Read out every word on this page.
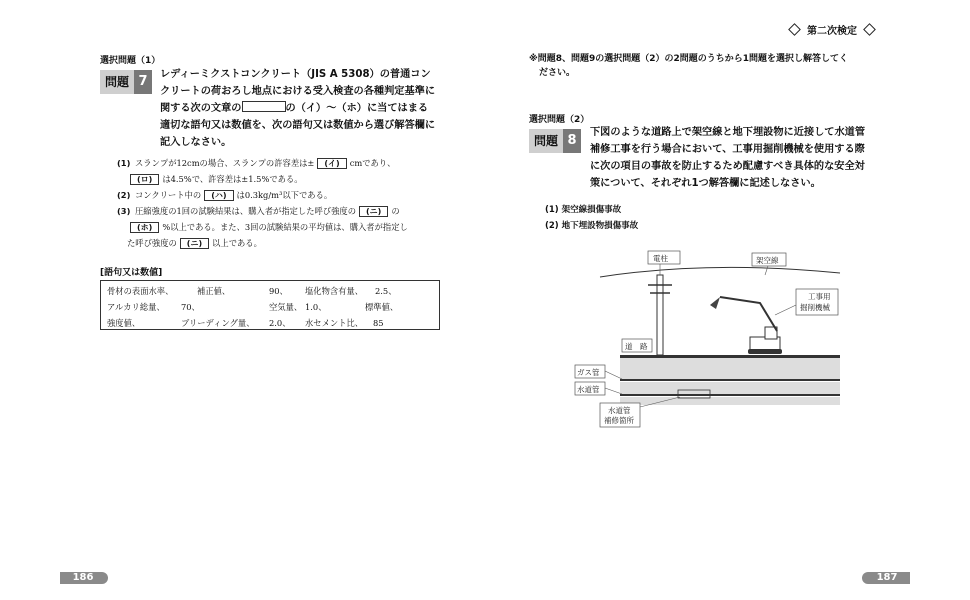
第二次検定
選択問題（1）
問題 7	レディーミクストコンクリート（JIS A 5308）の普通コン
クリートの荷おろし地点における受入検査の各種判定基準に
関する次の文章の	の（イ）～（ホ）に当てはまる
適切な語句又は数値を、次の語句又は数値から選び解答欄に
記入しなさい。
(1) スランプが12cmの場合、スランプの許容差は± (イ) cmであり、
(ロ) は4.5%で、許容差は±1.5%である。
(2) コンクリート中の (ハ) は0.3kg/m³以下である。
(3) 圧縮強度の1回の試験結果は、購入者が指定した呼び強度の (ニ) の
(ホ) %以上である。また、3回の試験結果の平均値は、購入者が指定し
た呼び強度の (ニ) 以上である。
[語句又は数値]
骨材の表面水率、	補正値、	90、	塩化物含有量、	2.5、
アルカリ総量、	70、	空気量、 1.0、	標準値、
強度値、	ブリーディング量、	2.0、	水セメント比、	85
186
※問題8、問題9の選択問題（2）の2問題のうちから1問題を選択し解答してく
ださい。
選択問題（2）
問題 8
下図のような道路上で架空線と地下埋設物に近接して水道管
補修工事を行う場合において、工事用掘削機械を使用する際
に次の項目の事故を防止するため配慮すべき具体的な安全対
策について、それぞれ1つ解答欄に記述しなさい。
(1) 架空線損傷事故
(2) 地下埋設物損傷事故
電柱	架空線
工事用
掘削機械
道　路
ガス管
水道管
水道管
補修箇所
187
